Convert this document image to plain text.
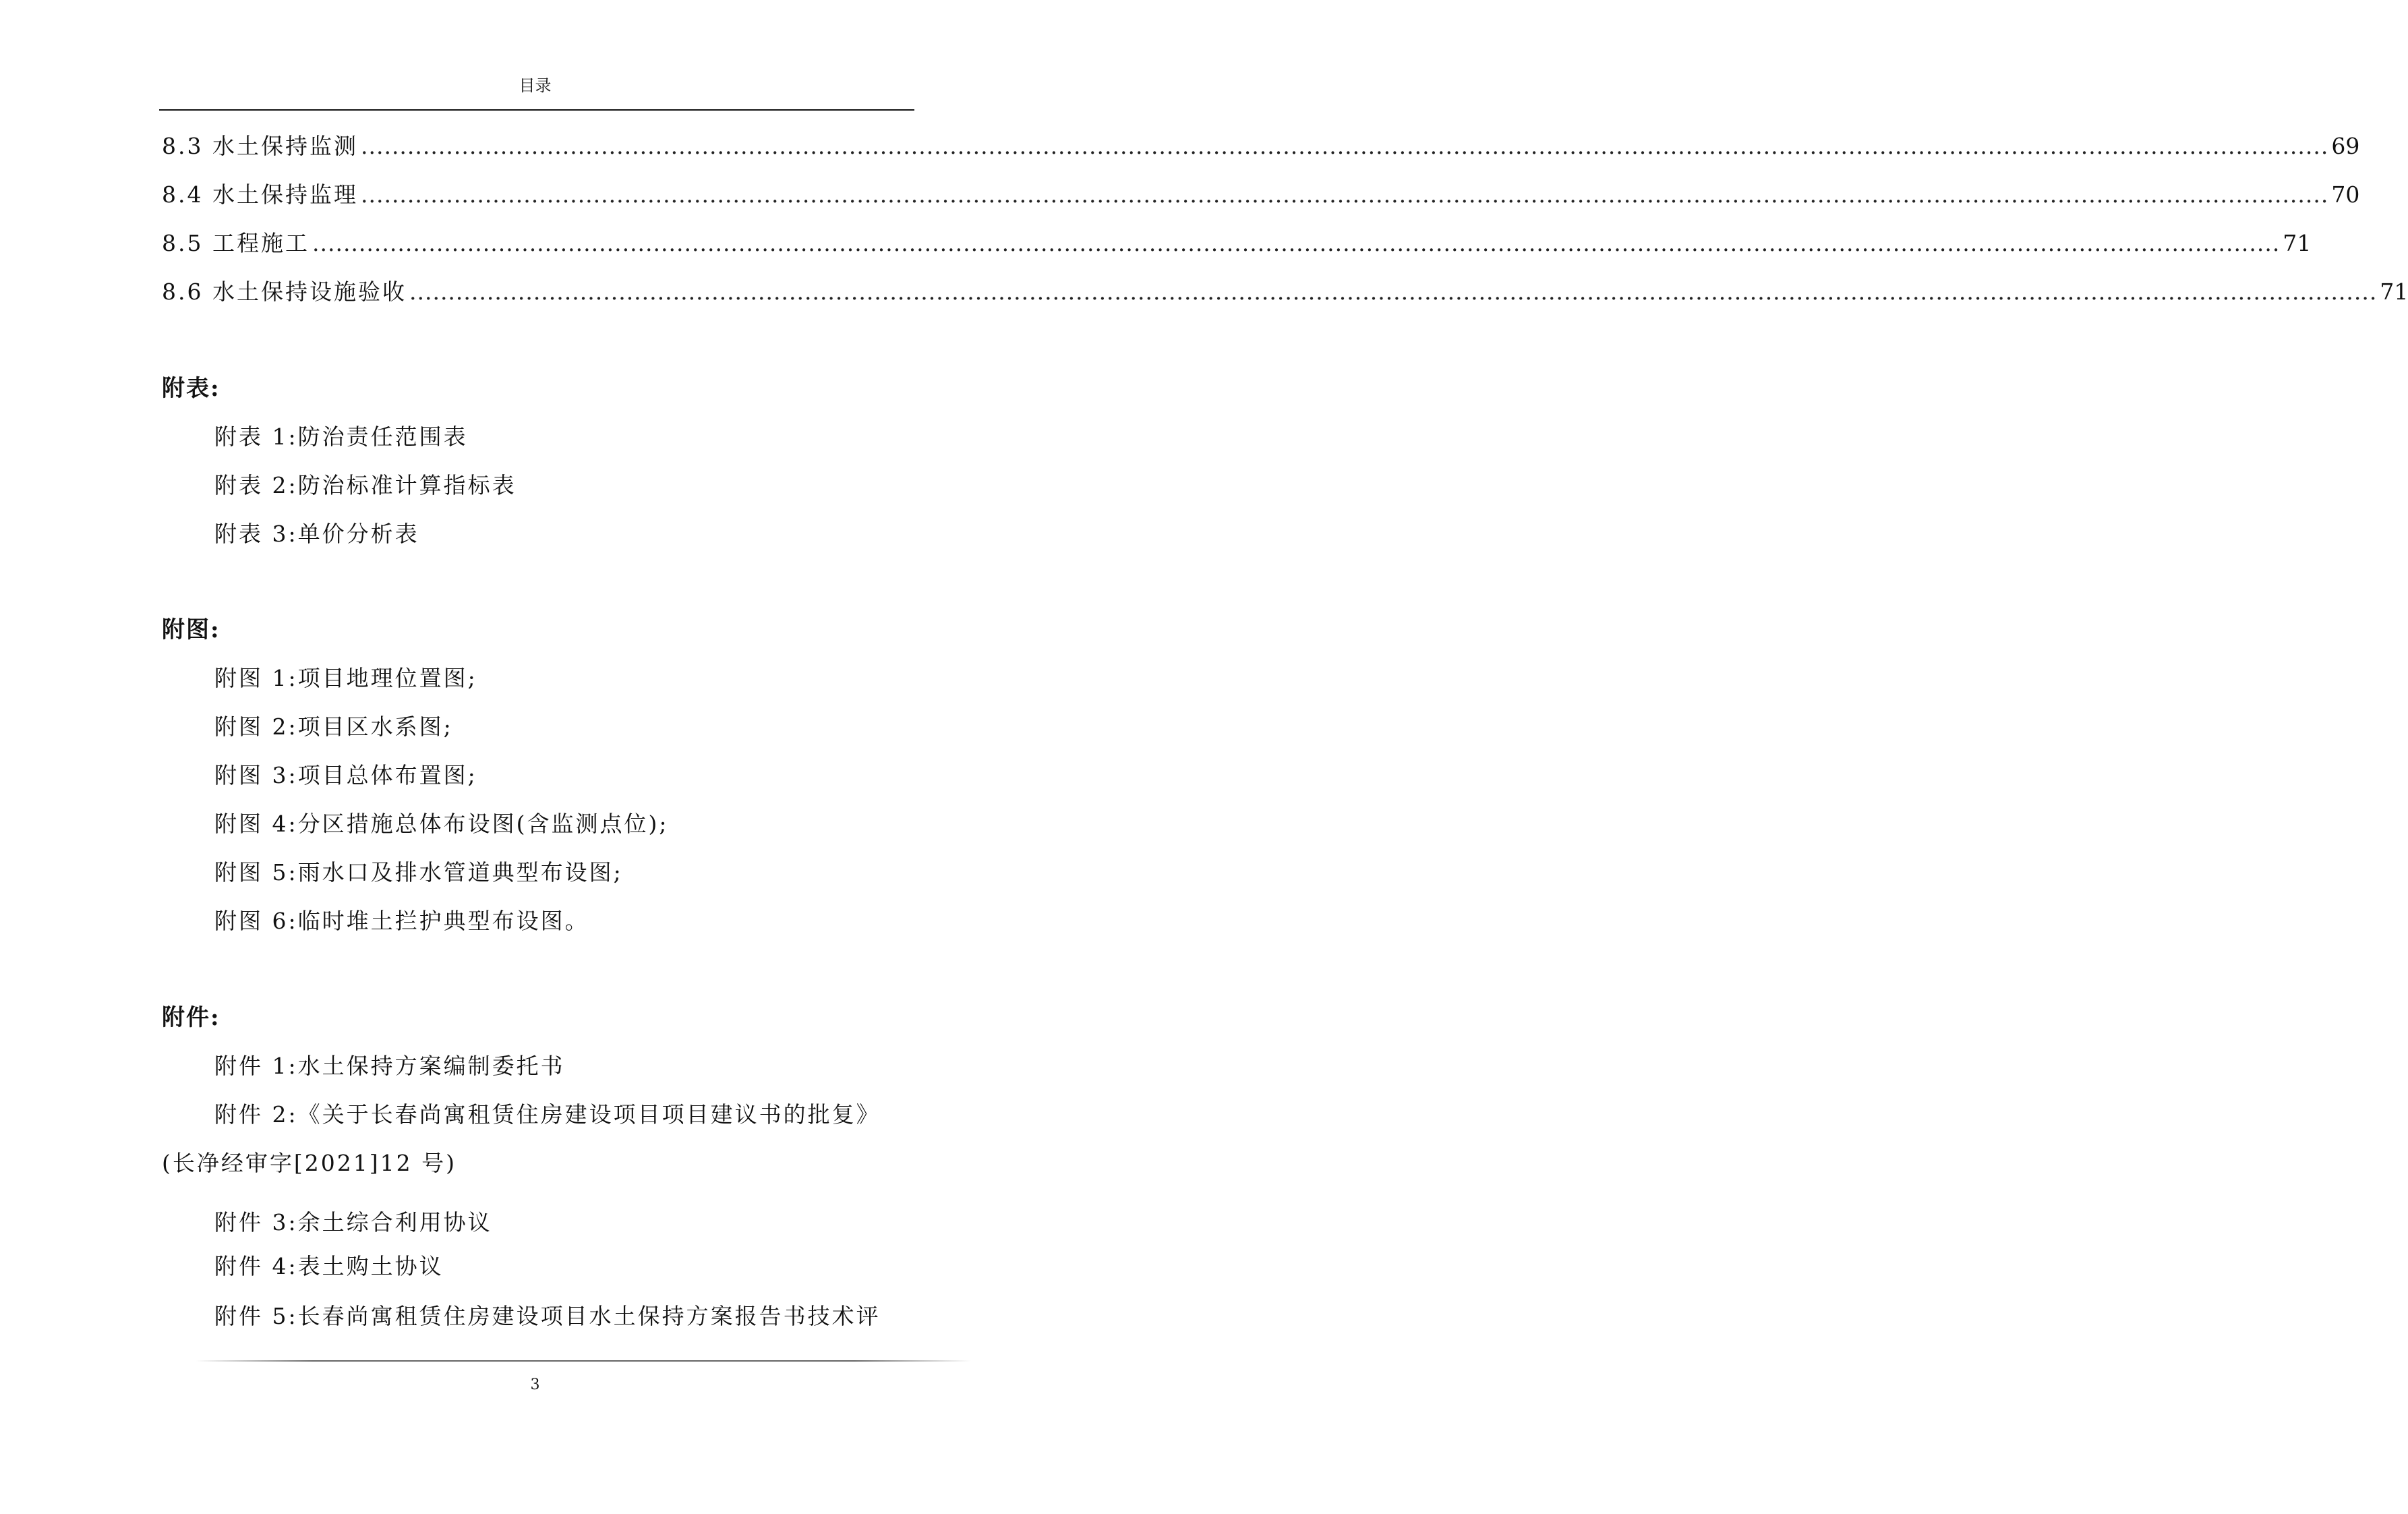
目录
8.3 水土保持监测 .............................................................................................................................................................................................................................................................. 69
8.4 水土保持监理 .............................................................................................................................................................................................................................................................. 70
8.5 工程施工 .............................................................................................................................................................................................................................................................. 71
8.6 水土保持设施验收 .............................................................................................................................................................................................................................................................. 71
附表:
附表 1:防治责任范围表
附表 2:防治标准计算指标表
附表 3:单价分析表
附图:
附图 1:项目地理位置图;
附图 2:项目区水系图;
附图 3:项目总体布置图;
附图 4:分区措施总体布设图(含监测点位);
附图 5:雨水口及排水管道典型布设图;
附图 6:临时堆土拦护典型布设图。
附件:
附件 1:水土保持方案编制委托书
附件 2:《关于长春尚寓租赁住房建设项目项目建议书的批复》
(长净经审字[2021]12 号)
附件 3:余土综合利用协议
附件 4:表土购土协议
附件 5:长春尚寓租赁住房建设项目水土保持方案报告书技术评
3
